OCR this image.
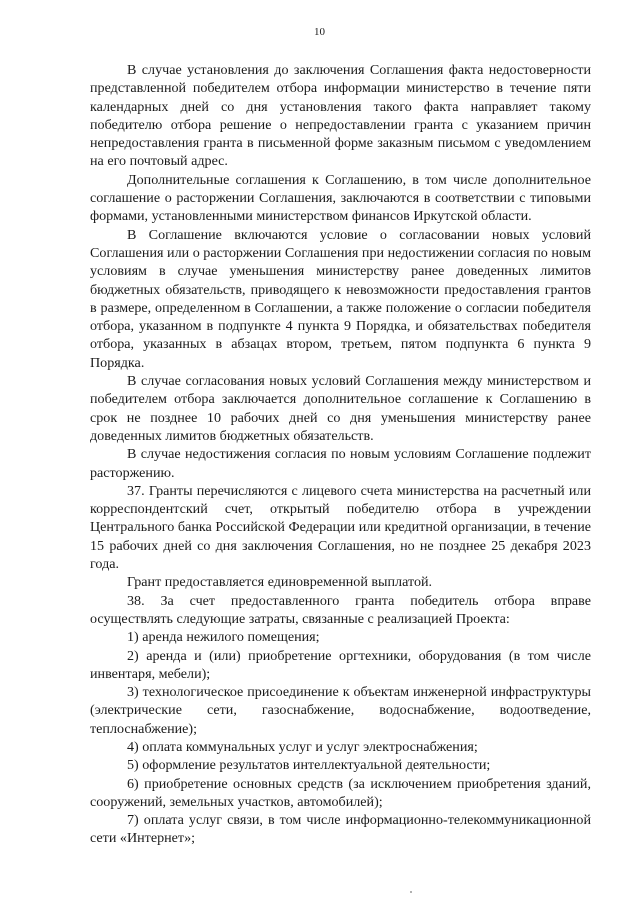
10

В случае установления до заключения Соглашения факта недостоверности представленной победителем отбора информации министерство в течение пяти календарных дней со дня установления такого факта направляет такому победителю отбора решение о непредоставлении гранта с указанием причин непредоставления гранта в письменной форме заказным письмом с уведомлением на его почтовый адрес.

Дополнительные соглашения к Соглашению, в том числе дополнительное соглашение о расторжении Соглашения, заключаются в соответствии с типовыми формами, установленными министерством финансов Иркутской области.

В Соглашение включаются условие о согласовании новых условий Соглашения или о расторжении Соглашения при недостижении согласия по новым условиям в случае уменьшения министерству ранее доведенных лимитов бюджетных обязательств, приводящего к невозможности предоставления грантов в размере, определенном в Соглашении, а также положение о согласии победителя отбора, указанном в подпункте 4 пункта 9 Порядка, и обязательствах победителя отбора, указанных в абзацах втором, третьем, пятом подпункта 6 пункта 9 Порядка.

В случае согласования новых условий Соглашения между министерством и победителем отбора заключается дополнительное соглашение к Соглашению в срок не позднее 10 рабочих дней со дня уменьшения министерству ранее доведенных лимитов бюджетных обязательств.

В случае недостижения согласия по новым условиям Соглашение подлежит расторжению.

37. Гранты перечисляются с лицевого счета министерства на расчетный или корреспондентский счет, открытый победителю отбора в учреждении Центрального банка Российской Федерации или кредитной организации, в течение 15 рабочих дней со дня заключения Соглашения, но не позднее 25 декабря 2023 года.

Грант предоставляется единовременной выплатой.

38. За счет предоставленного гранта победитель отбора вправе осуществлять следующие затраты, связанные с реализацией Проекта:

1) аренда нежилого помещения;

2) аренда и (или) приобретение оргтехники, оборудования (в том числе инвентаря, мебели);

3) технологическое присоединение к объектам инженерной инфраструктуры (электрические сети, газоснабжение, водоснабжение, водоотведение, теплоснабжение);

4) оплата коммунальных услуг и услуг электроснабжения;

5) оформление результатов интеллектуальной деятельности;

6) приобретение основных средств (за исключением приобретения зданий, сооружений, земельных участков, автомобилей);

7) оплата услуг связи, в том числе информационно-телекоммуникационной сети «Интернет»;
